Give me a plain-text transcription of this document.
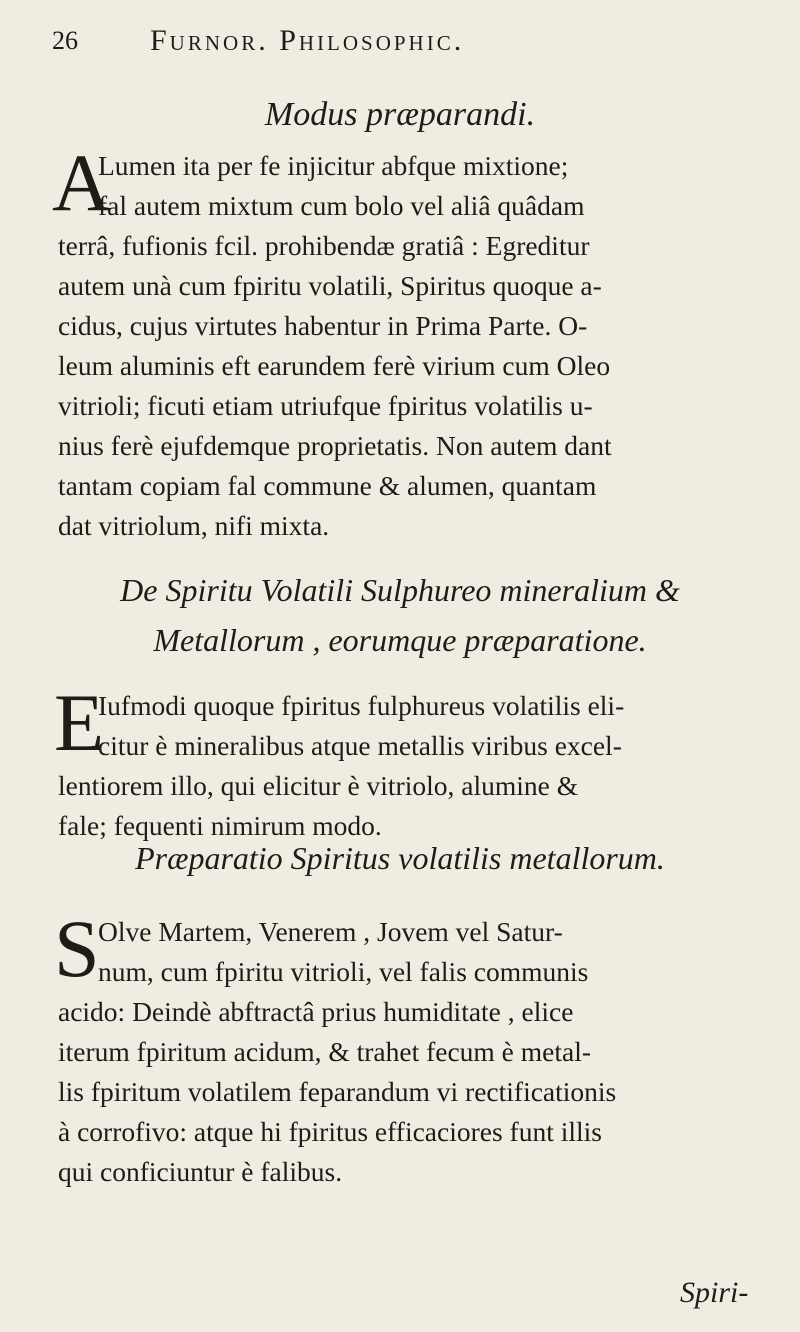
26 Furnor. Philosophic.
Modus præparandi.
A
Lumen ita per fe injicitur abfque mixtione;
fal autem mixtum cum bolo vel aliâ quâdam
terrâ, fufionis fcil. prohibendæ gratiâ : Egreditur
autem unà cum fpiritu volatili, Spiritus quoque a-
cidus, cujus virtutes habentur in Prima Parte. O-
leum aluminis eft earundem ferè virium cum Oleo
vitrioli; ficuti etiam utriufque fpiritus volatilis u-
nius ferè ejufdemque proprietatis. Non autem dant
tantam copiam fal commune & alumen, quantam
dat vitriolum, nifi mixta.
De Spiritu Volatili Sulphureo mineralium &
Metallorum , eorumque præparatione.
E
Iufmodi quoque fpiritus fulphureus volatilis eli-
citur è mineralibus atque metallis viribus excel-
lentiorem illo, qui elicitur è vitriolo, alumine &
fale; fequenti nimirum modo.
Præparatio Spiritus volatilis metallorum.
S
Olve Martem, Venerem , Jovem vel Satur-
num, cum fpiritu vitrioli, vel falis communis
acido: Deindè abftractâ prius humiditate , elice
iterum fpiritum acidum, & trahet fecum è metal-
lis fpiritum volatilem feparandum vi rectificationis
à corrofivo: atque hi fpiritus efficaciores funt illis
qui conficiuntur è falibus.
Spiri-
